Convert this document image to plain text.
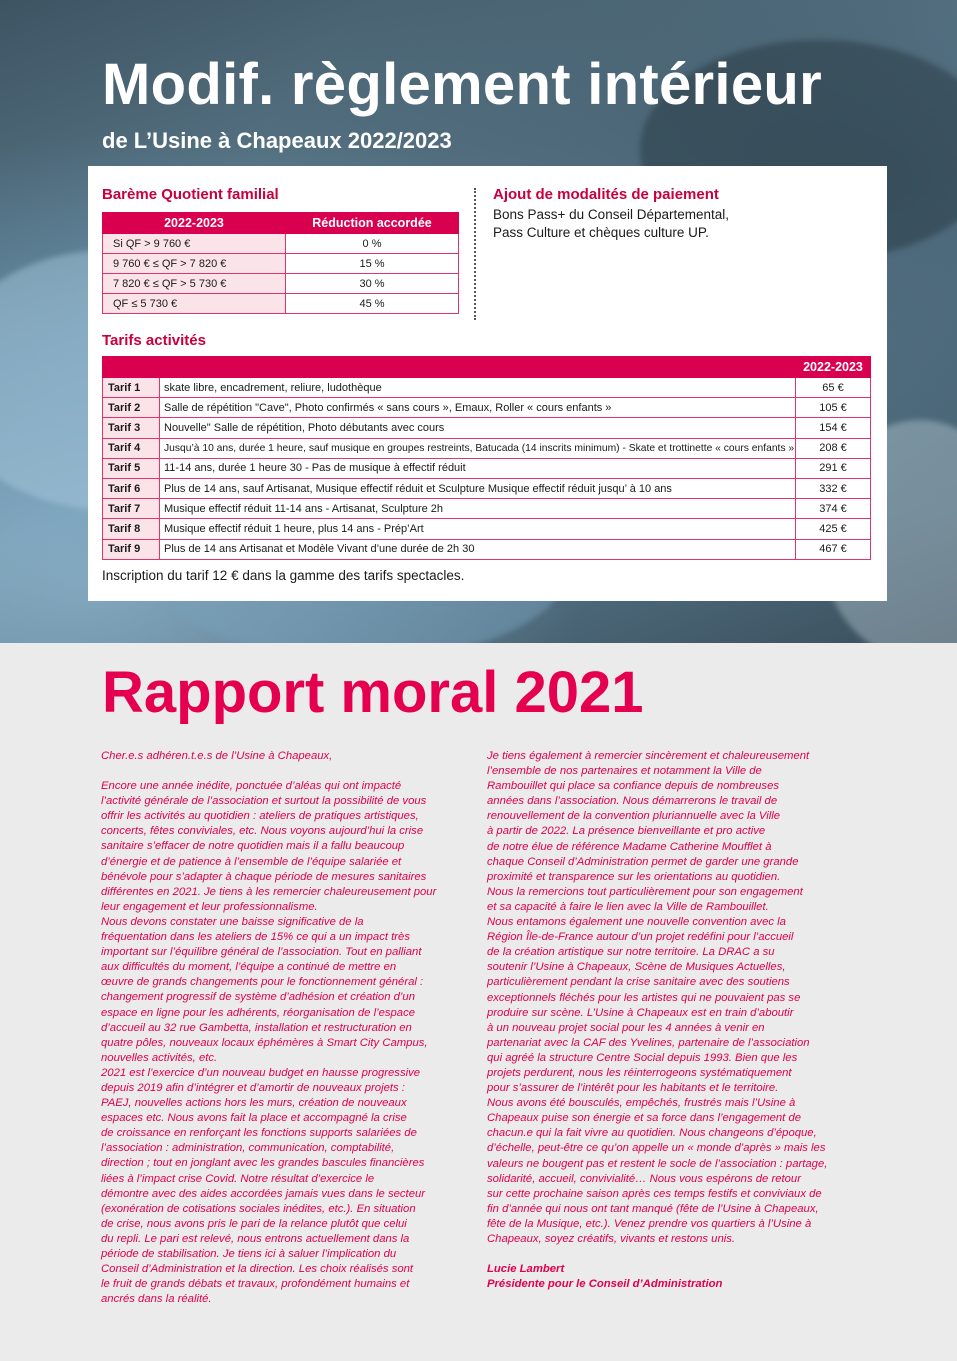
Modif. règlement intérieur
de L’Usine à Chapeaux 2022/2023
Barème Quotient familial
2022-2023	Réduction accordée
Si QF > 9 760 €	0 %
9 760 € ≤ QF > 7 820 €	15 %
7 820 € ≤ QF > 5 730 €	30 %
QF ≤ 5 730 €	45 %
Ajout de modalités de paiement
Bons Pass+ du Conseil Départemental,
Pass Culture et chèques culture UP.
Tarifs activités
		2022-2023
Tarif 1	skate libre, encadrement, reliure, ludothèque	65 €
Tarif 2	Salle de répétition "Cave", Photo confirmés « sans cours », Emaux, Roller « cours enfants »	105 €
Tarif 3	Nouvelle" Salle de répétition, Photo débutants avec cours	154 €
Tarif 4	Jusqu’à 10 ans, durée 1 heure, sauf musique en groupes restreints, Batucada (14 inscrits minimum) - Skate et trottinette « cours enfants »	208 €
Tarif 5	11-14 ans, durée 1 heure 30 - Pas de musique à effectif réduit	291 €
Tarif 6	Plus de 14 ans, sauf Artisanat, Musique effectif réduit et Sculpture Musique effectif réduit jusqu’ à 10 ans	332 €
Tarif 7	Musique effectif réduit 11-14 ans - Artisanat, Sculpture 2h	374 €
Tarif 8	Musique effectif réduit 1 heure, plus 14 ans - Prép’Art	425 €
Tarif 9	Plus de 14 ans Artisanat et Modèle Vivant d’une durée de 2h 30	467 €
Inscription du tarif 12 € dans la gamme des tarifs spectacles.
Rapport moral 2021

Cher.e.s adhéren.t.e.s de l’Usine à Chapeaux,

Encore une année inédite, ponctuée d’aléas qui ont impacté

l’activité générale de l’association et surtout la possibilité de vous

offrir les activités au quotidien : ateliers de pratiques artistiques,

concerts, fêtes conviviales, etc. Nous voyons aujourd’hui la crise

sanitaire s’effacer de notre quotidien mais il a fallu beaucoup

d’énergie et de patience à l’ensemble de l’équipe salariée et

bénévole pour s’adapter à chaque période de mesures sanitaires

différentes en 2021. Je tiens à les remercier chaleureusement pour

leur engagement et leur professionnalisme.

Nous devons constater une baisse significative de la

fréquentation dans les ateliers de 15% ce qui a un impact très

important sur l’équilibre général de l’association. Tout en palliant

aux difficultés du moment, l’équipe a continué de mettre en

œuvre de grands changements pour le fonctionnement général :

changement progressif de système d’adhésion et création d’un

espace en ligne pour les adhérents, réorganisation de l’espace

d’accueil au 32 rue Gambetta, installation et restructuration en

quatre pôles, nouveaux locaux éphémères à Smart City Campus,

nouvelles activités, etc.

2021 est l’exercice d’un nouveau budget en hausse progressive

depuis 2019 afin d’intégrer et d’amortir de nouveaux projets :

PAEJ, nouvelles actions hors les murs, création de nouveaux

espaces etc. Nous avons fait la place et accompagné la crise

de croissance en renforçant les fonctions supports salariées de

l’association : administration, communication, comptabilité,

direction ; tout en jonglant avec les grandes bascules financières

liées à l’impact crise Covid. Notre résultat d’exercice le

démontre avec des aides accordées jamais vues dans le secteur

(exonération de cotisations sociales inédites, etc.). En situation

de crise, nous avons pris le pari de la relance plutôt que celui

du repli. Le pari est relevé, nous entrons actuellement dans la

période de stabilisation. Je tiens ici à saluer l’implication du

Conseil d’Administration et la direction. Les choix réalisés sont

le fruit de grands débats et travaux, profondément humains et

ancrés dans la réalité.

Je tiens également à remercier sincèrement et chaleureusement

l’ensemble de nos partenaires et notamment la Ville de

Rambouillet qui place sa confiance depuis de nombreuses

années dans l’association. Nous démarrerons le travail de

renouvellement de la convention pluriannuelle avec la Ville

à partir de 2022. La présence bienveillante et pro active

de notre élue de référence Madame Catherine Moufflet à

chaque Conseil d’Administration permet de garder une grande

proximité et transparence sur les orientations au quotidien.

Nous la remercions tout particulièrement pour son engagement

et sa capacité à faire le lien avec la Ville de Rambouillet.

Nous entamons également une nouvelle convention avec la

Région Île-de-France autour d’un projet redéfini pour l’accueil

de la création artistique sur notre territoire. La DRAC a su

soutenir l’Usine à Chapeaux, Scène de Musiques Actuelles,

particulièrement pendant la crise sanitaire avec des soutiens

exceptionnels fléchés pour les artistes qui ne pouvaient pas se

produire sur scène. L’Usine à Chapeaux est en train d’aboutir

à un nouveau projet social pour les 4 années à venir en

partenariat avec la CAF des Yvelines, partenaire de l’association

qui agréé la structure Centre Social depuis 1993. Bien que les

projets perdurent, nous les réinterrogeons systématiquement

pour s’assurer de l’intérêt pour les habitants et le territoire.

Nous avons été bousculés, empêchés, frustrés mais l’Usine à

Chapeaux puise son énergie et sa force dans l’engagement de

chacun.e qui la fait vivre au quotidien. Nous changeons d’époque,

d’échelle, peut-être ce qu’on appelle un « monde d’après » mais les

valeurs ne bougent pas et restent le socle de l’association : partage,

solidarité, accueil, convivialité… Nous vous espérons de retour

sur cette prochaine saison après ces temps festifs et conviviaux de

fin d’année qui nous ont tant manqué (fête de l’Usine à Chapeaux,

fête de la Musique, etc.). Venez prendre vos quartiers à l’Usine à

Chapeaux, soyez créatifs, vivants et restons unis.

Lucie Lambert

Présidente pour le Conseil d’Administration
